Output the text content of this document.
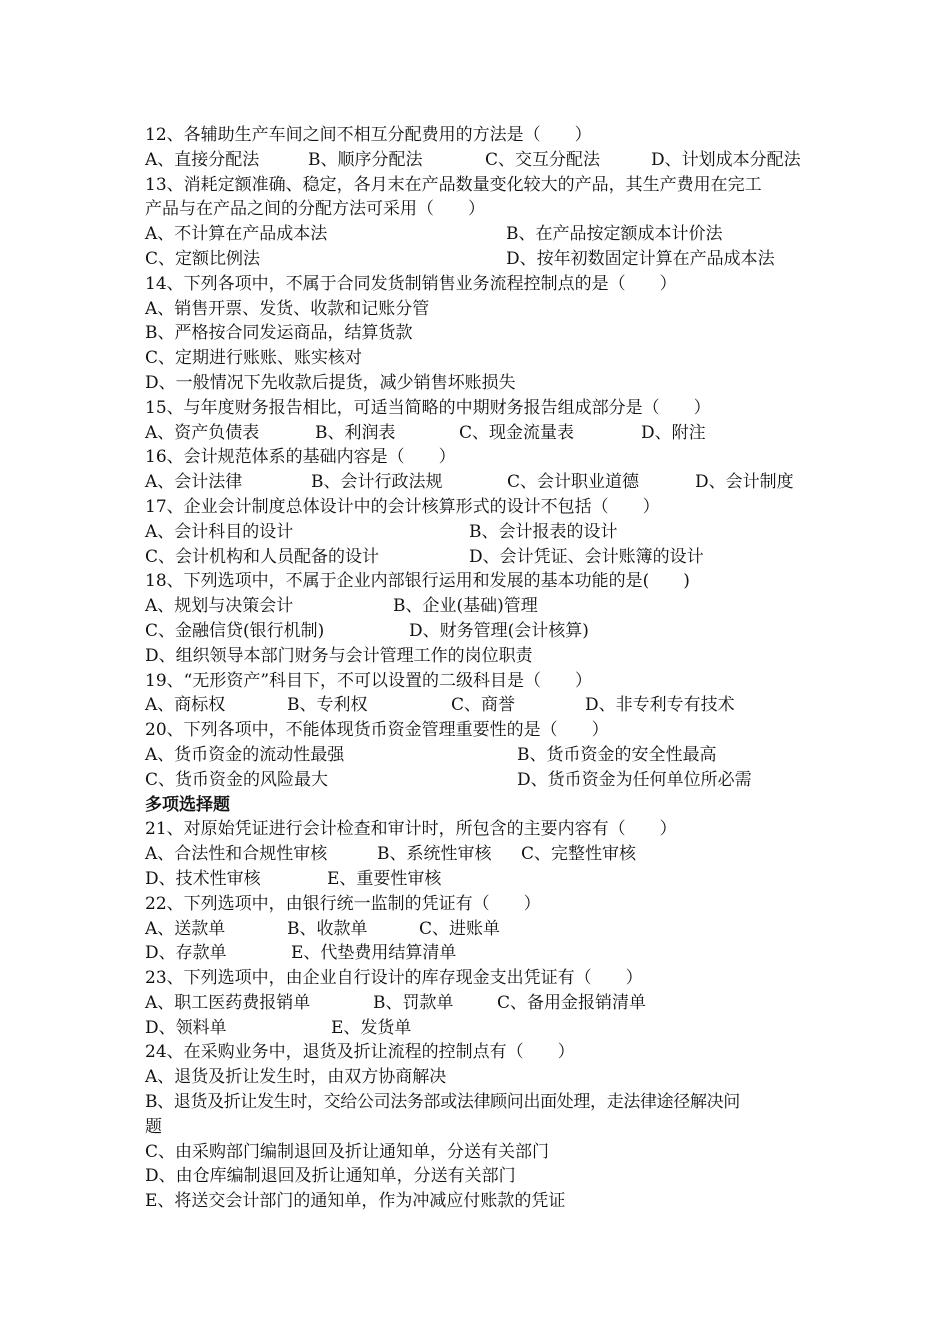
12、各辅助生产车间之间不相互分配费用的方法是（　　）
A、直接分配法	B、顺序分配法	C、交互分配法	D、计划成本分配法
13、消耗定额准确、稳定，各月末在产品数量变化较大的产品，其生产费用在完工
产品与在产品之间的分配方法可采用（　　）
A、不计算在产品成本法	B、在产品按定额成本计价法
C、定额比例法	D、按年初数固定计算在产品成本法
14、下列各项中，不属于合同发货制销售业务流程控制点的是（　　）
A、销售开票、发货、收款和记账分管
B、严格按合同发运商品，结算货款
C、定期进行账账、账实核对
D、一般情况下先收款后提货，减少销售坏账损失
15、与年度财务报告相比，可适当简略的中期财务报告组成部分是（　　）
A、资产负债表	B、利润表	C、现金流量表	D、附注
16、会计规范体系的基础内容是（　　）
A、会计法律	B、会计行政法规	C、会计职业道德	D、会计制度
17、企业会计制度总体设计中的会计核算形式的设计不包括（　　）
A、会计科目的设计	B、会计报表的设计
C、会计机构和人员配备的设计	D、会计凭证、会计账簿的设计
18、下列选项中，不属于企业内部银行运用和发展的基本功能的是(　　)
A、规划与决策会计	B、企业(基础)管理
C、金融信贷(银行机制)	D、财务管理(会计核算)
D、组织领导本部门财务与会计管理工作的岗位职责
19、“无形资产”科目下，不可以设置的二级科目是（　　）
A、商标权	B、专利权	C、商誉	D、非专利专有技术
20、下列各项中，不能体现货币资金管理重要性的是（　　）
A、货币资金的流动性最强	B、货币资金的安全性最高
C、货币资金的风险最大	D、货币资金为任何单位所必需
多项选择题
21、对原始凭证进行会计检查和审计时，所包含的主要内容有（　　）
A、合法性和合规性审核	B、系统性审核 C、完整性审核
D、技术性审核	E、重要性审核
22、下列选项中，由银行统一监制的凭证有（　　）
A、送款单	B、收款单	C、进账单
D、存款单	E、代垫费用结算清单
23、下列选项中，由企业自行设计的库存现金支出凭证有（　　）
A、职工医药费报销单	B、罚款单	C、备用金报销清单
D、领料单	E、发货单
24、在采购业务中，退货及折让流程的控制点有（　　）
A、退货及折让发生时，由双方协商解决
B、退货及折让发生时，交给公司法务部或法律顾问出面处理，走法律途径解决问
题
C、由采购部门编制退回及折让通知单，分送有关部门
D、由仓库编制退回及折让通知单，分送有关部门
E、将送交会计部门的通知单，作为冲减应付账款的凭证
